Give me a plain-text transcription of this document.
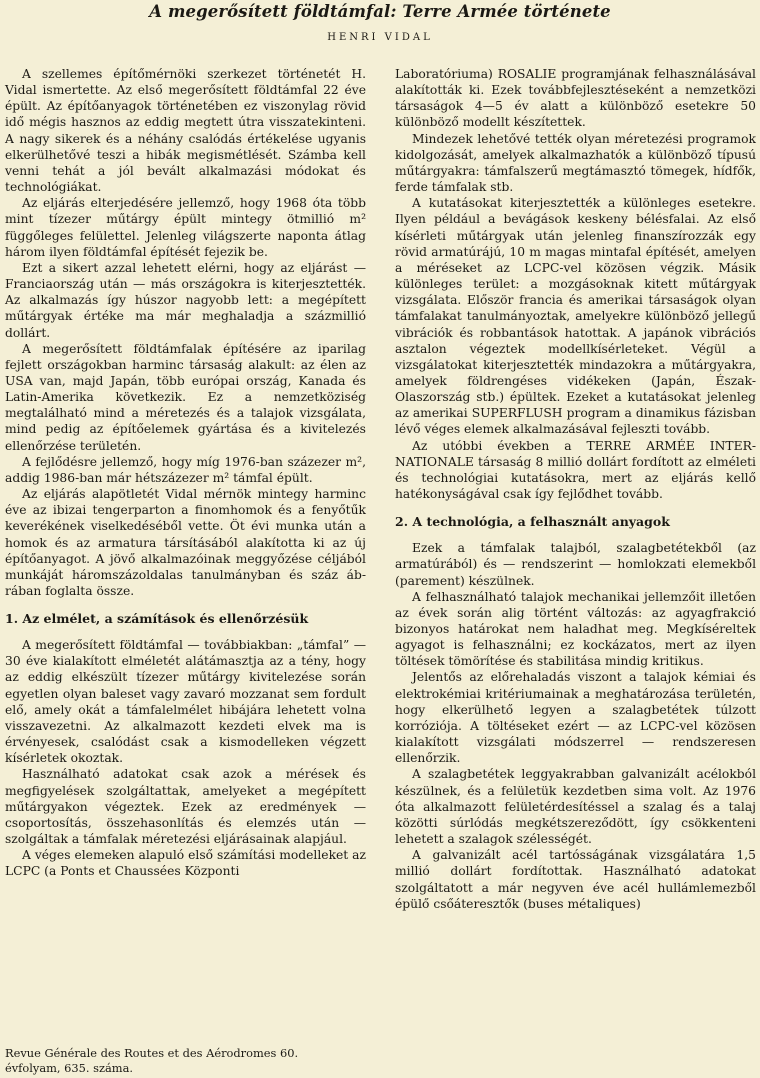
A megerősített földtámfal: Terre Armée története
HENRI VIDAL

A szellemes építőmérnöki szerkezet történetét H. Vidal ismertette. Az első megerősített földtámfal 22 éve épült. Az építőanyagok történetében ez viszonylag rövid idő mégis hasznos az eddig megtett útra visszatekinteni. A nagy sikerek és a néhány csalódás értékelése ugyanis elkerülhetővé teszi a hibák megismétlését. Számba kell venni tehát a jól bevált alkalmazási módokat és technológiákat.

Az eljárás elterjedésére jellemző, hogy 1968 óta több mint tízezer műtárgy épült mintegy ötmillió m² függőleges felülettel. Jelenleg világszerte naponta átlag három ilyen földtámfal építését fejezik be.

Ezt a sikert azzal lehetett elérni, hogy az eljárást — Franciaország után — más országokra is kiterjesztették. Az alkalmazás így húszor nagyobb lett: a megépített műtárgyak értéke ma már meghaladja a százmillió dollárt.

A megerősített földtámfalak építésére az iparilag fejlett országokban harminc társaság alakult: az élen az USA van, majd Japán, több európai ország, Kanada és Latin-Amerika következik. Ez a nemzetköziség megtalálható mind a méretezés és a talajok vizsgálata, mind pedig az építőelemek gyártása és a kivitelezés ellenőrzése területén.

A fejlődésre jellemző, hogy míg 1976-ban százezer m², addig 1986-ban már hétszázezer m² támfal épült.

Az eljárás alapötletét Vidal mérnök mintegy harminc éve az ibizai tengerparton a finomhomok és a fenyőtűk keverékének viselkedéséből vette. Öt évi munka után a homok és az armatura társításából alakította ki az új építőanyagot. A jövő alkalmazóinak meggyőzése céljából munkáját háromszázoldalas tanulmányban és száz ábrában foglalta össze.

1. Az elmélet, a számítások és ellenőrzésük

A megerősített földtámfal — továbbiakban: „támfal” — 30 éve kialakított elméletét alátámasztja az a tény, hogy az eddig elkészült tízezer műtárgy kivitelezése során egyetlen olyan baleset vagy zavaró mozzanat sem fordult elő, amely okát a támfalelmélet hibájára lehetett volna visszavezetni. Az alkalmazott kezdeti elvek ma is érvényesek, csalódást csak a kismodelleken végzett kísérletek okoztak.

Használható adatokat csak azok a mérések és megfigyelések szolgáltattak, amelyeket a megépített műtárgyakon végeztek. Ezek az eredmények — csoportosítás, összehasonlítás és elemzés után — szolgáltak a támfalak méretezési eljárásainak alapjául.

A véges elemeken alapuló első számítási modelleket az LCPC (a Ponts et Chaussées Központi

Laboratóriuma) ROSALIE programjának felhasználásával alakították ki. Ezek továbbfejlesztéseként a nemzetközi társaságok 4—5 év alatt a különböző esetekre 50 különböző modellt készítettek.

Mindezek lehetővé tették olyan méretezési programok kidolgozását, amelyek alkalmazhatók a különböző típusú műtárgyakra: támfalszerű megtámasztó tömegek, hídfők, ferde támfalak stb.

A kutatásokat kiterjesztették a különleges esetekre. Ilyen például a bevágások keskeny bélésfalai. Az első kísérleti műtárgyak után jelenleg finanszírozzák egy rövid armatúrájú, 10 m magas mintafal építését, amelyen a méréseket az LCPC-vel közösen végzik. Másik különleges terület: a mozgásoknak kitett műtárgyak vizsgálata. Először francia és amerikai társaságok olyan támfalakat tanulmányoztak, amelyekre különböző jellegű vibrációk és robbantások hatottak. A japánok vibrációs asztalon végeztek modellkísérleteket. Végül a vizsgálatokat kiterjesztették mindazokra a műtárgyakra, amelyek földrengéses vidékeken (Japán, Észak-Olaszország stb.) épültek. Ezeket a kutatásokat jelenleg az amerikai SUPERFLUSH program a dinamikus fázisban lévő véges elemek alkalmazásával fejleszti tovább.

Az utóbbi években a TERRE ARMÉE INTERNATIONALE társaság 8 millió dollárt fordított az elméleti és technológiai kutatásokra, mert az eljárás kellő hatékonyságával csak így fejlődhet tovább.

2. A technológia, a felhasznált anyagok

Ezek a támfalak talajból, szalagbetétekből (az armatúrából) és — rendszerint — homlokzati elemekből (parement) készülnek.

A felhasználható talajok mechanikai jellemzőit illetően az évek során alig történt változás: az agyagfrakció bizonyos határokat nem haladhat meg. Megkíséreltek agyagot is felhasználni; ez kockázatos, mert az ilyen töltések tömörítése és stabilitása mindig kritikus.

Jelentős az előrehaladás viszont a talajok kémiai és elektrokémiai kritériumainak a meghatározása területén, hogy elkerülhető legyen a szalagbetétek túlzott korróziója. A töltéseket ezért — az LCPC-vel közösen kialakított vizsgálati módszerrel — rendszeresen ellenőrzik.

A szalagbetétek leggyakrabban galvanizált acélokból készülnek, és a felületük kezdetben sima volt. Az 1976 óta alkalmazott felületérdesítéssel a szalag és a talaj közötti súrlódás megkétszereződött, így csökkenteni lehetett a szalagok szélességét.

A galvanizált acél tartósságának vizsgálatára 1,5 millió dollárt fordítottak. Használható adatokat szolgáltatott a már negyven éve acél hullámlemezből épülő csőáteresztők (buses métaliques)

Revue Générale des Routes et des Aérodromes 60.
évfolyam, 635. száma.
